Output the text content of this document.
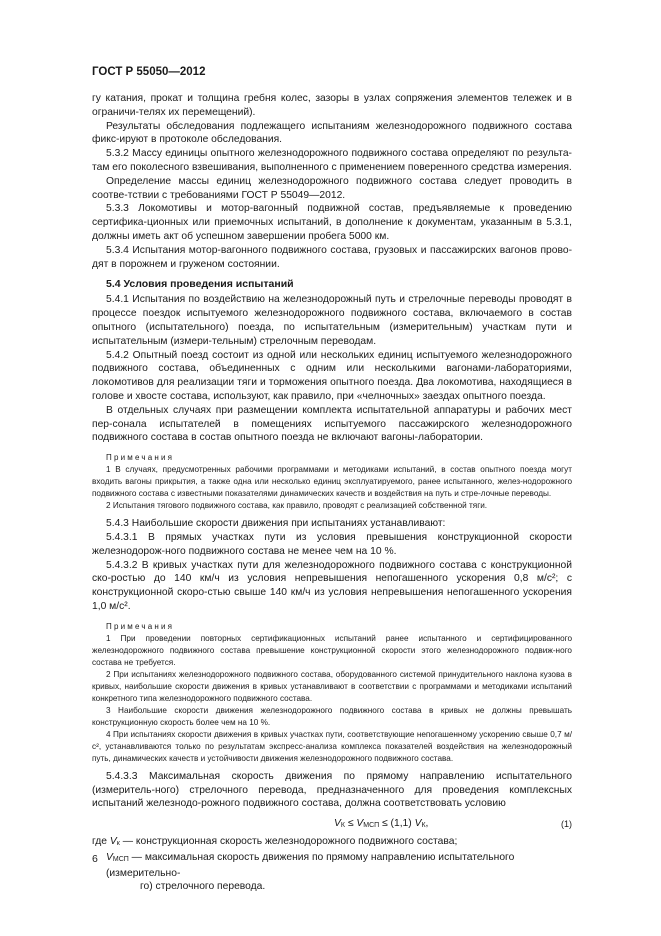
ГОСТ Р 55050—2012

гу катания, прокат и толщина гребня колес, зазоры в узлах сопряжения элементов тележек и в ограничи-телях их перемещений).

Результаты обследования подлежащего испытаниям железнодорожного подвижного состава фикс-ируют в протоколе обследования.

5.3.2 Массу единицы опытного железнодорожного подвижного состава определяют по результа-там его поколесного взвешивания, выполненного с применением поверенного средства измерения.

Определение массы единиц железнодорожного подвижного состава следует проводить в соотве-тствии с требованиями ГОСТ Р 55049—2012.

5.3.3 Локомотивы и мотор-вагонный подвижной состав, предъявляемые к проведению сертифика-ционных или приемочных испытаний, в дополнение к документам, указанным в 5.3.1, должны иметь акт об успешном завершении пробега 5000 км.

5.3.4 Испытания мотор-вагонного подвижного состава, грузовых и пассажирских вагонов прово-дят в порожнем и груженом состоянии.

5.4 Условия проведения испытаний

5.4.1 Испытания по воздействию на железнодорожный путь и стрелочные переводы проводят в процессе поездок испытуемого железнодорожного подвижного состава, включаемого в состав опытного (испытательного) поезда, по испытательным (измерительным) участкам пути и испытательным (измери-тельным) стрелочным переводам.

5.4.2 Опытный поезд состоит из одной или нескольких единиц испытуемого железнодорожного подвижного состава, объединенных с одним или несколькими вагонами-лабораториями, локомотивов для реализации тяги и торможения опытного поезда. Два локомотива, находящиеся в голове и хвосте состава, используют, как правило, при «челночных» заездах опытного поезда.

В отдельных случаях при размещении комплекта испытательной аппаратуры и рабочих мест пер-сонала испытателей в помещениях испытуемого пассажирского железнодорожного подвижного состава в состав опытного поезда не включают вагоны-лаборатории.

Примечания

1 В случаях, предусмотренных рабочими программами и методиками испытаний, в состав опытного поезда могут входить вагоны прикрытия, а также одна или несколько единиц эксплуатируемого, ранее испытанного, желез-нодорожного подвижного состава с известными показателями динамических качеств и воздействия на путь и стре-лочные переводы.

2 Испытания тягового подвижного состава, как правило, проводят с реализацией собственной тяги.

5.4.3 Наибольшие скорости движения при испытаниях устанавливают:

5.4.3.1 В прямых участках пути из условия превышения конструкционной скорости железнодорож-ного подвижного состава не менее чем на 10 %.

5.4.3.2 В кривых участках пути для железнодорожного подвижного состава с конструкционной ско-ростью до 140 км/ч из условия непревышения непогашенного ускорения 0,8 м/с²; с конструкционной скоро-стью свыше 140 км/ч из условия непревышения непогашенного ускорения 1,0 м/с².

Примечания

1 При проведении повторных сертификационных испытаний ранее испытанного и сертифицированного железнодорожного подвижного состава превышение конструкционной скорости этого железнодорожного подвиж-ного состава не требуется.

2 При испытаниях железнодорожного подвижного состава, оборудованного системой принудительного наклона кузова в кривых, наибольшие скорости движения в кривых устанавливают в соответствии с программами и методиками испытаний конкретного типа железнодорожного подвижного состава.

3 Наибольшие скорости движения железнодорожного подвижного состава в кривых не должны превышать конструкционную скорость более чем на 10 %.

4 При испытаниях скорости движения в кривых участках пути, соответствующие непогашенному ускорению свыше 0,7 м/с², устанавливаются только по результатам экспресс-анализа комплекса показателей воздействия на железнодорожный путь, динамических качеств и устойчивости движения железнодорожного подвижного состава.

5.4.3.3 Максимальная скорость движения по прямому направлению испытательного (измеритель-ного) стрелочного перевода, предназначенного для проведения комплексных испытаний железнодо-рожного подвижного состава, должна соответствовать условию

$V_К \le V_{МСП} \le (1,1)$ $V_К$,	(1)
где $V_к$ — конструкционная скорость железнодорожного подвижного состава;
$V_{МСП}$ — максимальная скорость движения по прямому направлению испытательного (измерительно-
го) стрелочного перевода.
6
